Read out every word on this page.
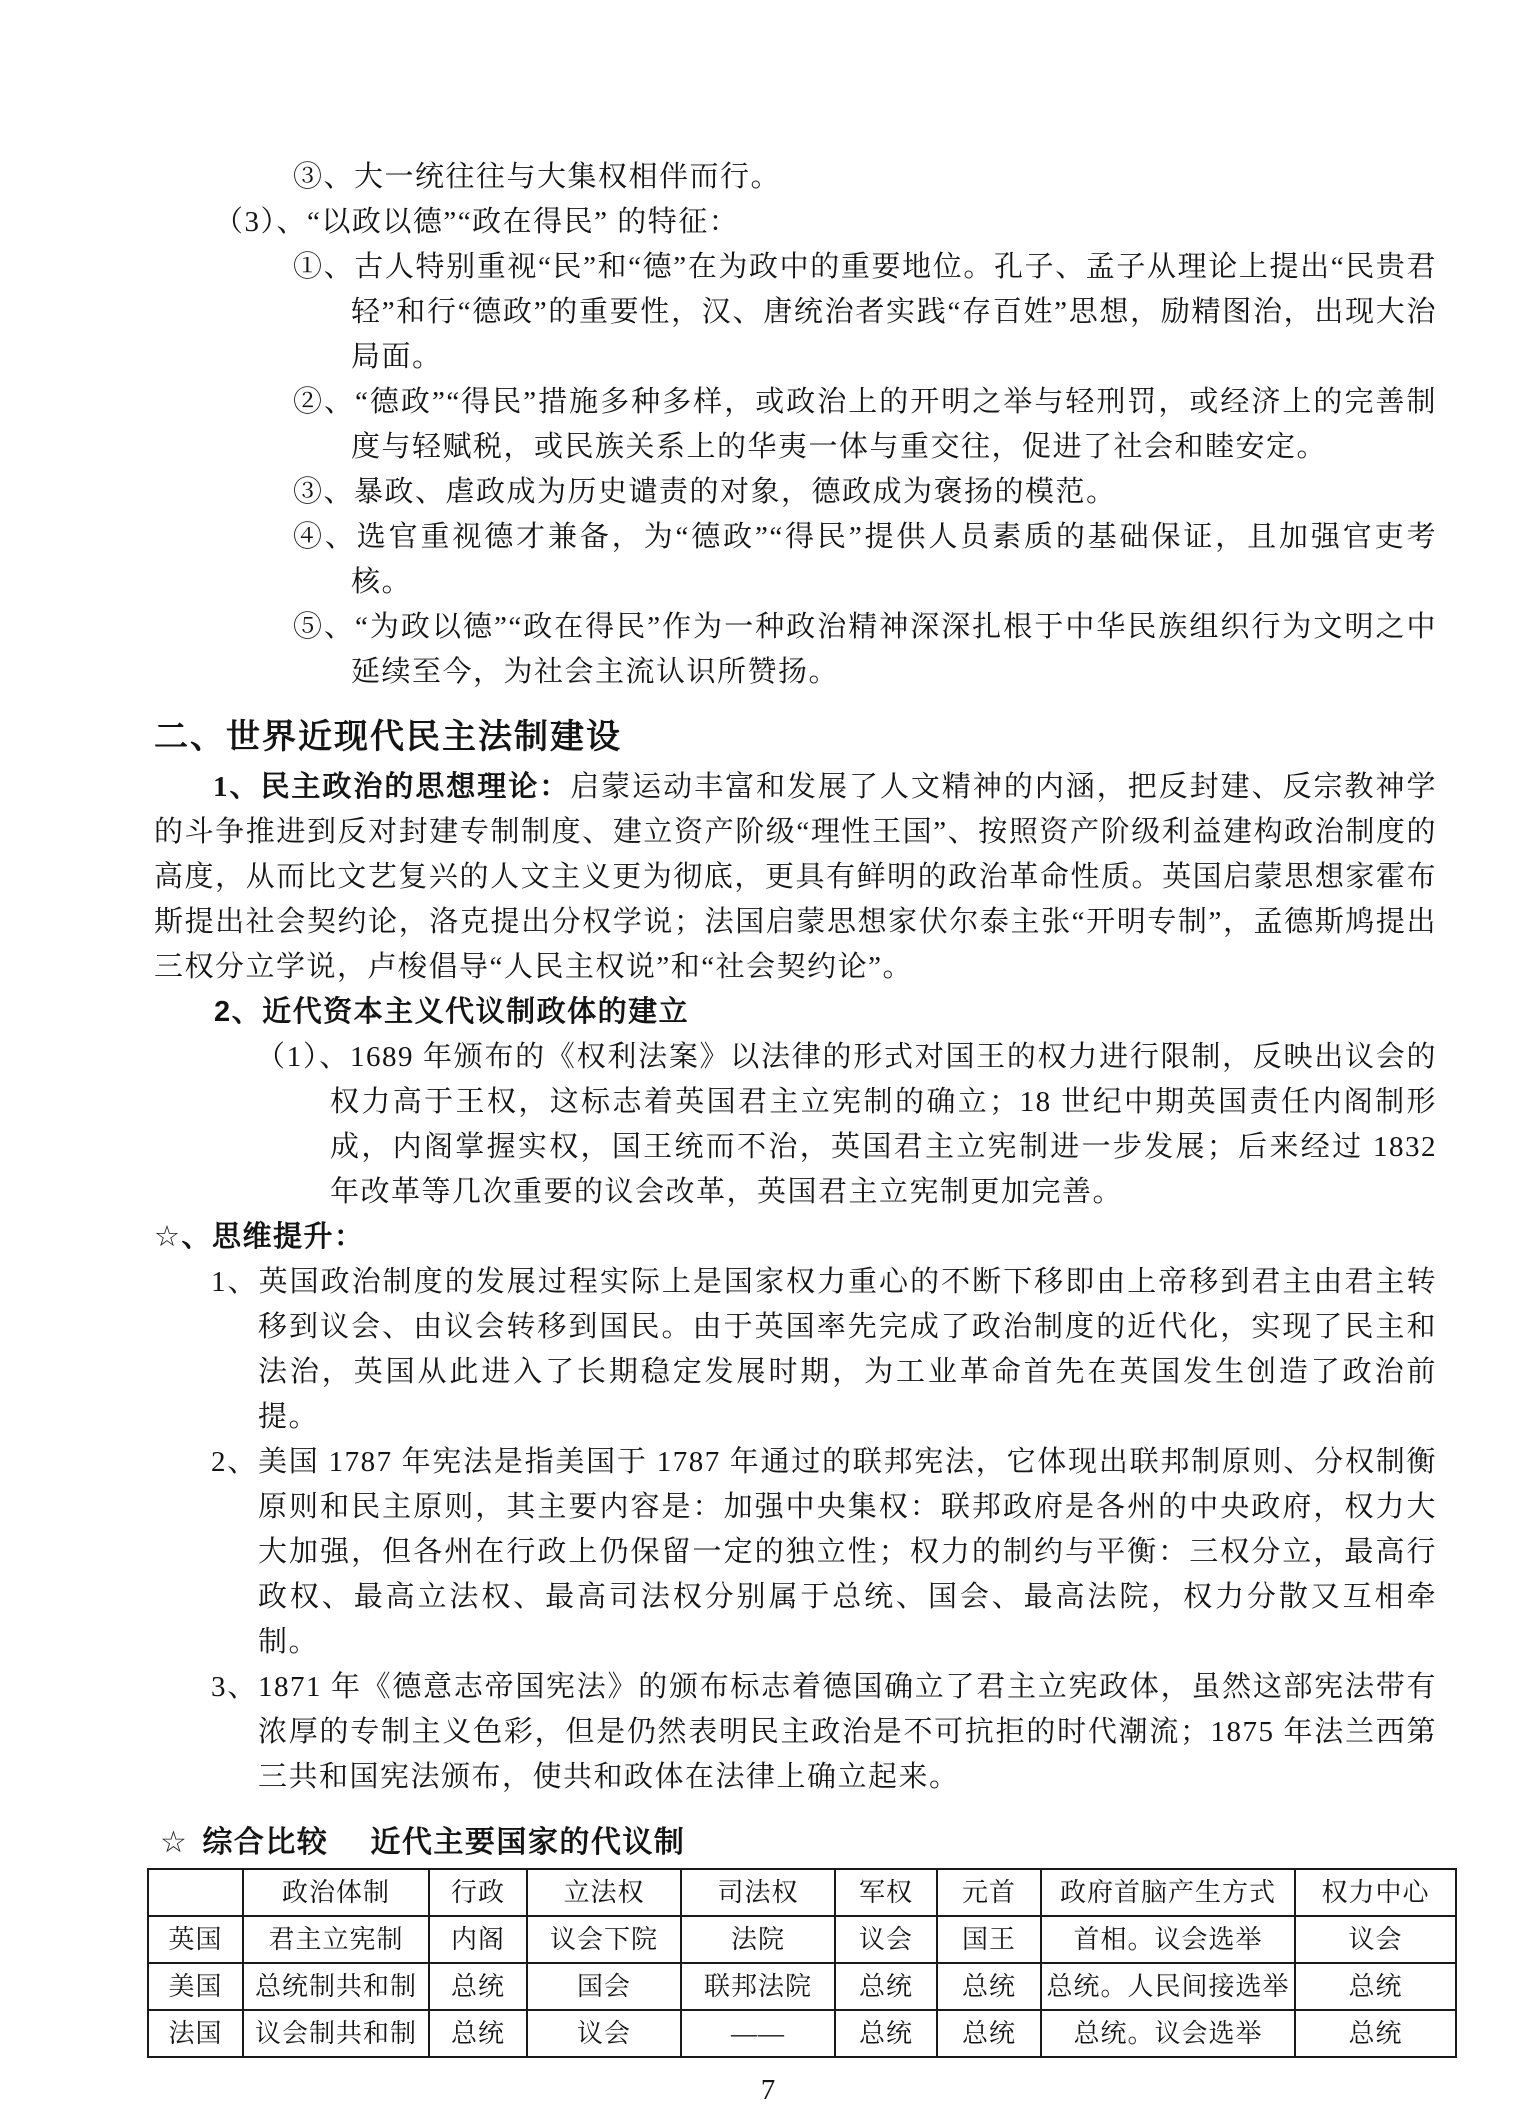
③、大一统往往与大集权相伴而行。

（3）、“以政以德”“政在得民” 的特征：

①、古人特别重视“民”和“德”在为政中的重要地位。孔子、孟子从理论上提出“民贵君轻”和行“德政”的重要性，汉、唐统治者实践“存百姓”思想，励精图治，出现大治局面。

②、“德政”“得民”措施多种多样，或政治上的开明之举与轻刑罚，或经济上的完善制度与轻赋税，或民族关系上的华夷一体与重交往，促进了社会和睦安定。

③、暴政、虐政成为历史谴责的对象，德政成为褒扬的模范。

④、选官重视德才兼备，为“德政”“得民”提供人员素质的基础保证，且加强官吏考核。

⑤、“为政以德”“政在得民”作为一种政治精神深深扎根于中华民族组织行为文明之中延续至今，为社会主流认识所赞扬。

二、世界近现代民主法制建设

1、民主政治的思想理论：启蒙运动丰富和发展了人文精神的内涵，把反封建、反宗教神学的斗争推进到反对封建专制制度、建立资产阶级“理性王国”、按照资产阶级利益建构政治制度的高度，从而比文艺复兴的人文主义更为彻底，更具有鲜明的政治革命性质。英国启蒙思想家霍布斯提出社会契约论，洛克提出分权学说；法国启蒙思想家伏尔泰主张“开明专制”，孟德斯鸠提出三权分立学说，卢梭倡导“人民主权说”和“社会契约论”。

2、近代资本主义代议制政体的建立

（1）、1689 年颁布的《权利法案》以法律的形式对国王的权力进行限制，反映出议会的权力高于王权，这标志着英国君主立宪制的确立；18 世纪中期英国责任内阁制形成，内阁掌握实权，国王统而不治，英国君主立宪制进一步发展；后来经过 1832 年改革等几次重要的议会改革，英国君主立宪制更加完善。

☆、思维提升：

1、英国政治制度的发展过程实际上是国家权力重心的不断下移即由上帝移到君主由君主转移到议会、由议会转移到国民。由于英国率先完成了政治制度的近代化，实现了民主和法治，英国从此进入了长期稳定发展时期，为工业革命首先在英国发生创造了政治前提。

2、美国 1787 年宪法是指美国于 1787 年通过的联邦宪法，它体现出联邦制原则、分权制衡原则和民主原则，其主要内容是：加强中央集权：联邦政府是各州的中央政府，权力大大加强，但各州在行政上仍保留一定的独立性；权力的制约与平衡：三权分立，最高行政权、最高立法权、最高司法权分别属于总统、国会、最高法院，权力分散又互相牵制。

3、1871 年《德意志帝国宪法》的颁布标志着德国确立了君主立宪政体，虽然这部宪法带有浓厚的专制主义色彩，但是仍然表明民主政治是不可抗拒的时代潮流；1875 年法兰西第三共和国宪法颁布，使共和政体在法律上确立起来。

☆ 综合比较 近代主要国家的代议制

	政治体制	行政	立法权	司法权	军权	元首	政府首脑产生方式	权力中心
英国	君主立宪制	内阁	议会下院	法院	议会	国王	首相。议会选举	议会
美国	总统制共和制	总统	国会	联邦法院	总统	总统	总统。人民间接选举	总统
法国	议会制共和制	总统	议会	——	总统	总统	总统。议会选举	总统

7
